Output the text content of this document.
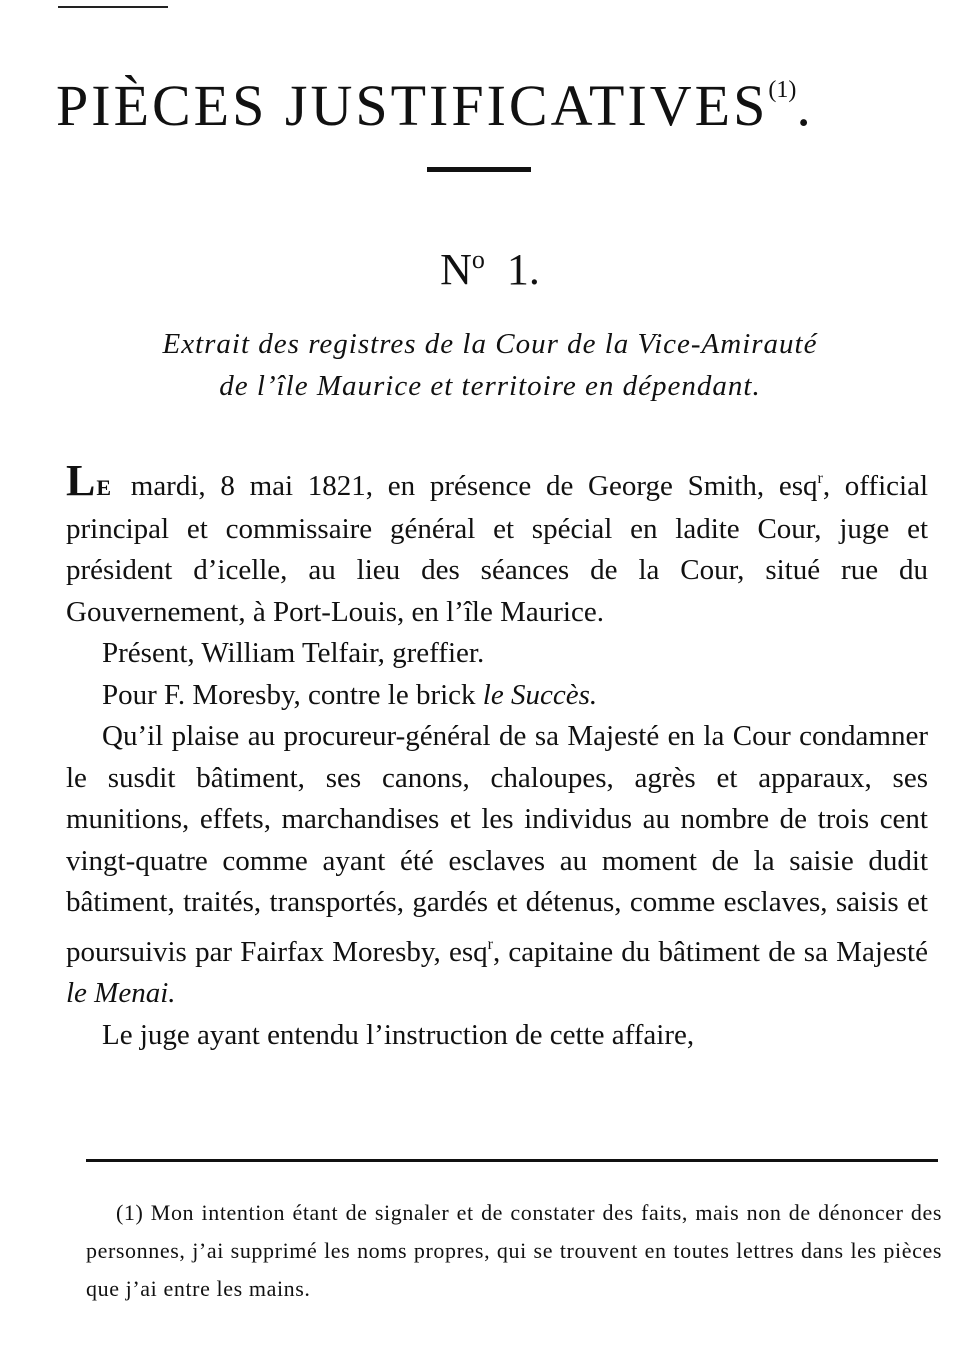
PIÈCES JUSTIFICATIVES$^{(1)}$.
$N^o$ 1.
Extrait des registres de la Cour de la Vice-Amirauté
de l’île Maurice et territoire en dépendant.

LE mardi, 8 mai 1821, en présence de George Smith, esq$^r$, official principal et commissaire général et spécial en ladite Cour, juge et président d’icelle, au lieu des séances de la Cour, situé rue du Gouvernement, à Port-Louis, en l’île Maurice.

Présent, William Telfair, greffier.

Pour F. Moresby, contre le brick le Succès.

Qu’il plaise au procureur-général de sa Majesté en la Cour condamner le susdit bâtiment, ses canons, chaloupes, agrès et apparaux, ses munitions, effets, marchandises et les individus au nombre de trois cent vingt-quatre comme ayant été esclaves au moment de la saisie dudit bâtiment, traités, transportés, gardés et détenus, comme esclaves, saisis et poursuivis par Fairfax Moresby, esq$^r$, capitaine du bâtiment de sa Majesté le Menai.

Le juge ayant entendu l’instruction de cette affaire,

(1) Mon intention étant de signaler et de constater des faits, mais non de dénoncer des personnes, j’ai supprimé les noms propres, qui se trouvent en toutes lettres dans les pièces que j’ai entre les mains.
